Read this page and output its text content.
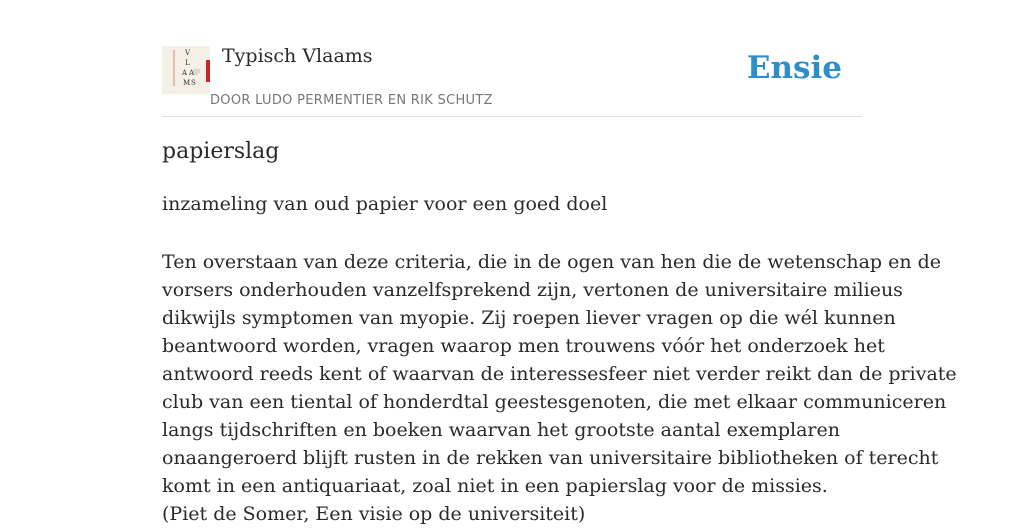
V
L
A A
M S
Typisch Vlaams
DOOR LUDO PERMENTIER EN RIK SCHUTZ
Ensie
papierslag
inzameling van oud papier voor een goed doel
Ten overstaan van deze criteria, die in de ogen van hen die de wetenschap en de
vorsers onderhouden vanzelfsprekend zijn, vertonen de universitaire milieus
dikwijls symptomen van myopie. Zij roepen liever vragen op die wél kunnen
beantwoord worden, vragen waarop men trouwens vóór het onderzoek het
antwoord reeds kent of waarvan de interessesfeer niet verder reikt dan de private
club van een tiental of honderdtal geestesgenoten, die met elkaar communiceren
langs tijdschriften en boeken waarvan het grootste aantal exemplaren
onaangeroerd blijft rusten in de rekken van universitaire bibliotheken of terecht
komt in een antiquariaat, zoal niet in een papierslag voor de missies.
(Piet de Somer, Een visie op de universiteit)
